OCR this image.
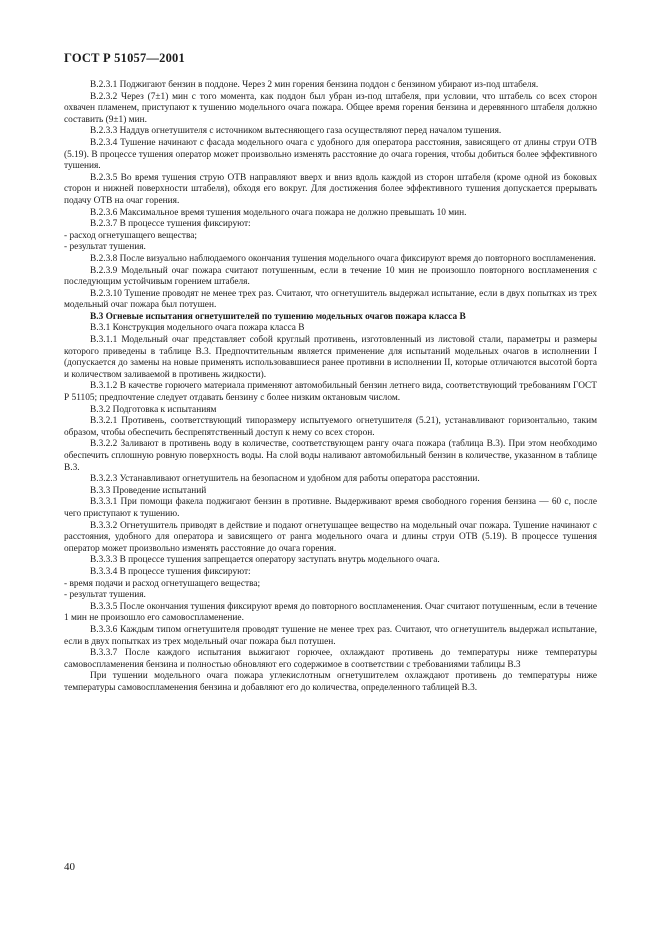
ГОСТ Р 51057—2001

В.2.3.1 Поджигают бензин в поддоне. Через 2 мин горения бензина поддон с бензином убирают из-под штабеля.

В.2.3.2 Через (7±1) мин с того момента, как поддон был убран из-под штабеля, при условии, что штабель со всех сторон охвачен пламенем, приступают к тушению модельного очага пожара. Общее время горения бензина и деревянного штабеля должно составить (9±1) мин.

В.2.3.3 Наддув огнетушителя с источником вытесняющего газа осуществляют перед началом тушения.

В.2.3.4 Тушение начинают с фасада модельного очага с удобного для оператора расстояния, зависящего от длины струи ОТВ (5.19). В процессе тушения оператор может произвольно изменять расстояние до очага горения, чтобы добиться более эффективного тушения.

В.2.3.5 Во время тушения струю ОТВ направляют вверх и вниз вдоль каждой из сторон штабеля (кроме одной из боковых сторон и нижней поверхности штабеля), обходя его вокруг. Для достижения более эффективного тушения допускается прерывать подачу ОТВ на очаг горения.

В.2.3.6 Максимальное время тушения модельного очага пожара не должно превышать 10 мин.

В.2.3.7 В процессе тушения фиксируют:

- расход огнетушащего вещества;

- результат тушения.

В.2.3.8 После визуально наблюдаемого окончания тушения модельного очага фиксируют время до повторного воспламенения.

В.2.3.9 Модельный очаг пожара считают потушенным, если в течение 10 мин не произошло повторного воспламенения с последующим устойчивым горением штабеля.

В.2.3.10 Тушение проводят не менее трех раз. Считают, что огнетушитель выдержал испытание, если в двух попытках из трех модельный очаг пожара был потушен.

В.3 Огневые испытания огнетушителей по тушению модельных очагов пожара класса В

В.3.1 Конструкция модельного очага пожара класса В

В.3.1.1 Модельный очаг представляет собой круглый противень, изготовленный из листовой стали, параметры и размеры которого приведены в таблице В.3. Предпочтительным является применение для испытаний модельных очагов в исполнении I (допускается до замены на новые применять использовавшиеся ранее противни в исполнении II, которые отличаются высотой борта и количеством заливаемой в противень жидкости).

В.3.1.2 В качестве горючего материала применяют автомобильный бензин летнего вида, соответствующий требованиям ГОСТ Р 51105; предпочтение следует отдавать бензину с более низким октановым числом.

В.3.2 Подготовка к испытаниям

В.3.2.1 Противень, соответствующий типоразмеру испытуемого огнетушителя (5.21), устанавливают горизонтально, таким образом, чтобы обеспечить беспрепятственный доступ к нему со всех сторон.

В.3.2.2 Заливают в противень воду в количестве, соответствующем рангу очага пожара (таблица В.3). При этом необходимо обеспечить сплошную ровную поверхность воды. На слой воды наливают автомобильный бензин в количестве, указанном в таблице В.3.

В.3.2.3 Устанавливают огнетушитель на безопасном и удобном для работы оператора расстоянии.

В.3.3 Проведение испытаний

В.3.3.1 При помощи факела поджигают бензин в противне. Выдерживают время свободного горения бензина — 60 с, после чего приступают к тушению.

В.3.3.2 Огнетушитель приводят в действие и подают огнетушащее вещество на модельный очаг пожара. Тушение начинают с расстояния, удобного для оператора и зависящего от ранга модельного очага и длины струи ОТВ (5.19). В процессе тушения оператор может произвольно изменять расстояние до очага горения.

В.3.3.3 В процессе тушения запрещается оператору заступать внутрь модельного очага.

В.3.3.4 В процессе тушения фиксируют:

- время подачи и расход огнетушащего вещества;

- результат тушения.

В.3.3.5 После окончания тушения фиксируют время до повторного воспламенения. Очаг считают потушенным, если в течение 1 мин не произошло его самовоспламенение.

В.3.3.6 Каждым типом огнетушителя проводят тушение не менее трех раз. Считают, что огнетушитель выдержал испытание, если в двух попытках из трех модельный очаг пожара был потушен.

В.3.3.7 После каждого испытания выжигают горючее, охлаждают противень до температуры ниже температуры самовоспламенения бензина и полностью обновляют его содержимое в соответствии с требованиями таблицы В.3

При тушении модельного очага пожара углекислотным огнетушителем охлаждают противень до температуры ниже температуры самовоспламенения бензина и добавляют его до количества, определенного таблицей В.3.

40
